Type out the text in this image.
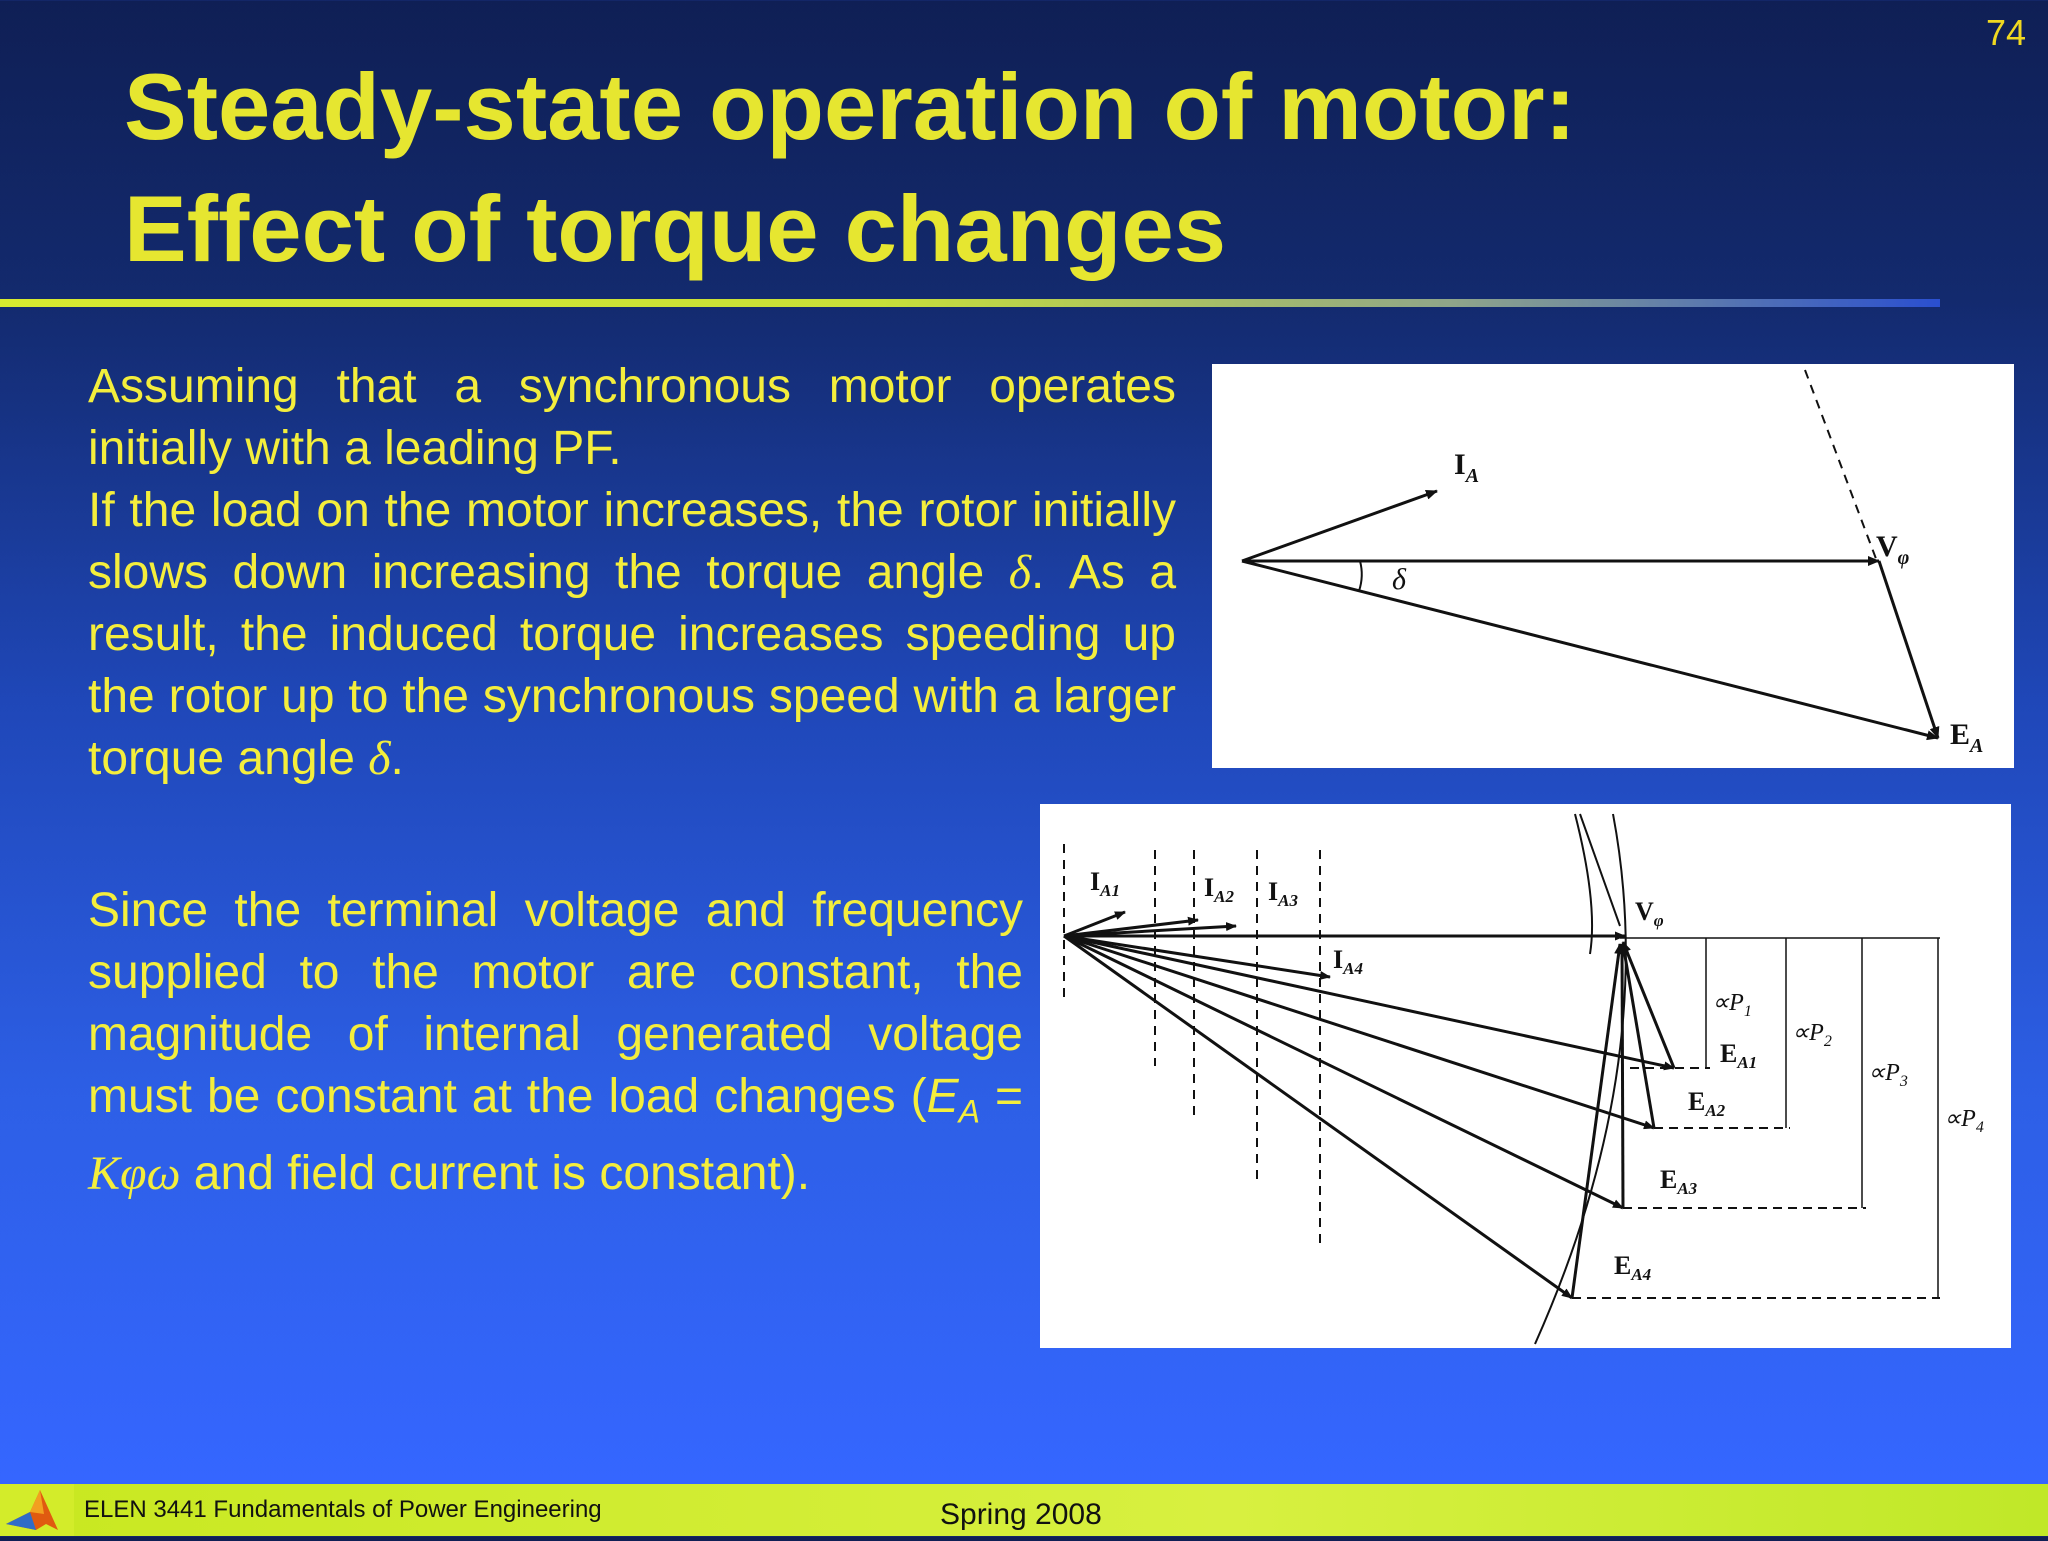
74
Steady-state operation of motor:
Effect of torque changes

Assuming that a synchronous motor operates initially with a leading PF.
If the load on the motor increases, the rotor initially slows down increasing the torque angle δ. As a result, the induced torque increases speeding up the rotor up to the synchronous speed with a larger torque angle δ.

Since the terminal voltage and frequency supplied to the motor are constant, the magnitude of internal generated voltage must be constant at the load changes ($E_A = K\varphi\omega$ and field current is constant).

$I_A$
$V_\varphi$
$E_A$
δ
$I_{A1}$	$I_{A2}$ $I_{A3}$
$I_{A4}$
$V_\varphi$
$E_{A1}$
$E_{A2}$
$E_{A3}$
$E_{A4}$
$\propto P_1$
$\propto P_2$
$\propto P_3$
$\propto P_4$
ELEN 3441 Fundamentals of Power Engineering	Spring 2008
